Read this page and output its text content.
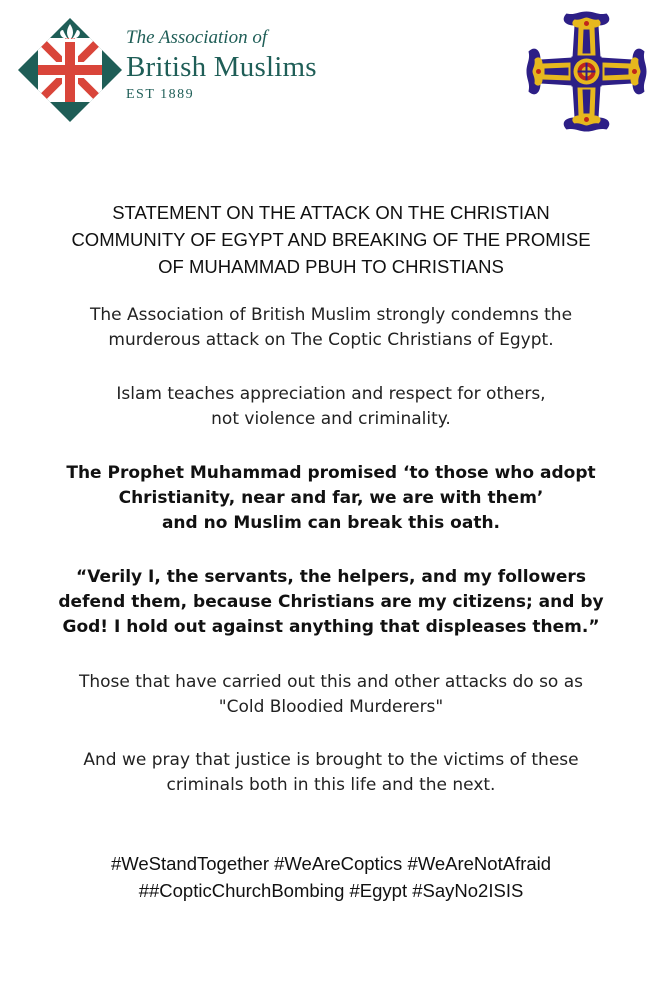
The Association of
British Muslims
EST 1889
STATEMENT ON THE ATTACK ON THE CHRISTIAN
COMMUNITY OF EGYPT AND BREAKING OF THE PROMISE
OF MUHAMMAD PBUH TO CHRISTIANS
The Association of British Muslim strongly condemns the
murderous attack on The Coptic Christians of Egypt.
Islam teaches appreciation and respect for others,
not violence and criminality.
The Prophet Muhammad promised ‘to those who adopt
Christianity, near and far, we are with them’
and no Muslim can break this oath.
“Verily I, the servants, the helpers, and my followers
defend them, because Christians are my citizens; and by
God! I hold out against anything that displeases them.”
Those that have carried out this and other attacks do so as
"Cold Bloodied Murderers"
And we pray that justice is brought to the victims of these
criminals both in this life and the next.
#WeStandTogether #WeAreCoptics #WeAreNotAfraid
##CopticChurchBombing #Egypt #SayNo2ISIS
